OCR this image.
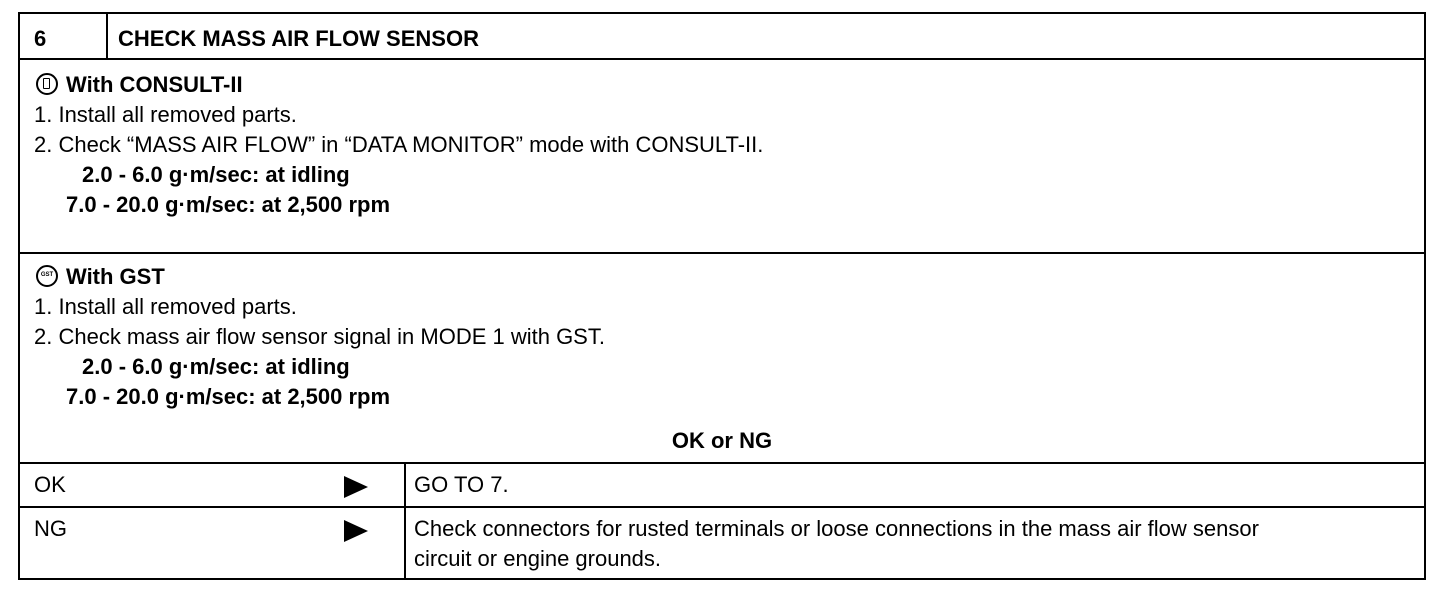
6	CHECK MASS AIR FLOW SENSOR
With CONSULT-II
1. Install all removed parts.
2. Check “MASS AIR FLOW” in “DATA MONITOR” mode with CONSULT-II.
2.0 - 6.0 g·m/sec: at idling
7.0 - 20.0 g·m/sec: at 2,500 rpm
GSTWith GST
1. Install all removed parts.
2. Check mass air flow sensor signal in MODE 1 with GST.
2.0 - 6.0 g·m/sec: at idling
7.0 - 20.0 g·m/sec: at 2,500 rpm
OK or NG
OK	GO TO 7.
NG	Check connectors for rusted terminals or loose connections in the mass air flow sensor
circuit or engine grounds.
